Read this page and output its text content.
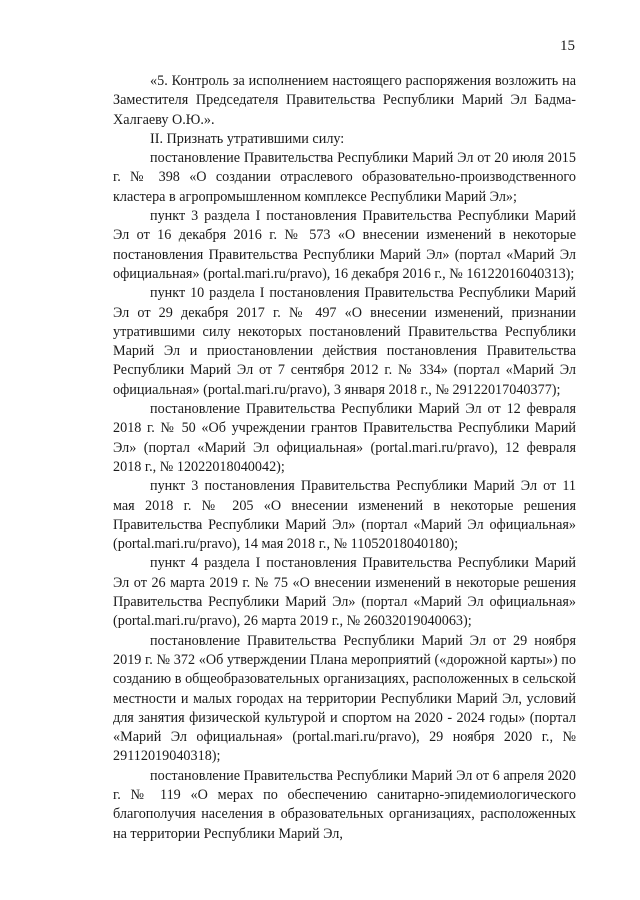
15

«5. Контроль за исполнением настоящего распоряжения возложить на Заместителя Председателя Правительства Республики Марий Эл Бадма-Халгаеву О.Ю.».

II. Признать утратившими силу:

постановление Правительства Республики Марий Эл от 20 июля 2015 г. № 398 «О создании отраслевого образовательно-производственного кластера в агропромышленном комплексе Республики Марий Эл»;

пункт 3 раздела I постановления Правительства Республики Марий Эл от 16 декабря 2016 г. № 573 «О внесении изменений в некоторые постановления Правительства Республики Марий Эл» (портал «Марий Эл официальная» (portal.mari.ru/pravo), 16 декабря 2016 г., № 16122016040313);

пункт 10 раздела I постановления Правительства Республики Марий Эл от 29 декабря 2017 г. № 497 «О внесении изменений, признании утратившими силу некоторых постановлений Правительства Республики Марий Эл и приостановлении действия постановления Правительства Республики Марий Эл от 7 сентября 2012 г. № 334» (портал «Марий Эл официальная» (portal.mari.ru/pravo), 3 января 2018 г., № 29122017040377);

постановление Правительства Республики Марий Эл от 12 февраля 2018 г. № 50 «Об учреждении грантов Правительства Республики Марий Эл» (портал «Марий Эл официальная» (portal.mari.ru/pravo), 12 февраля 2018 г., № 12022018040042);

пункт 3 постановления Правительства Республики Марий Эл от 11 мая 2018 г. № 205 «О внесении изменений в некоторые решения Правительства Республики Марий Эл» (портал «Марий Эл официальная» (portal.mari.ru/pravo), 14 мая 2018 г., № 11052018040180);

пункт 4 раздела I постановления Правительства Республики Марий Эл от 26 марта 2019 г. № 75 «О внесении изменений в некоторые решения Правительства Республики Марий Эл» (портал «Марий Эл официальная» (portal.mari.ru/pravo), 26 марта 2019 г., № 26032019040063);

постановление Правительства Республики Марий Эл от 29 ноября 2019 г. № 372 «Об утверждении Плана мероприятий («дорожной карты») по созданию в общеобразовательных организациях, расположенных в сельской местности и малых городах на территории Республики Марий Эл, условий для занятия физической культурой и спортом на 2020 - 2024 годы» (портал «Марий Эл официальная» (portal.mari.ru/pravo), 29 ноября 2020 г., № 29112019040318);

постановление Правительства Республики Марий Эл от 6 апреля 2020 г. № 119 «О мерах по обеспечению санитарно-эпидемиологического благополучия населения в образовательных организациях, расположенных на территории Республики Марий Эл,
